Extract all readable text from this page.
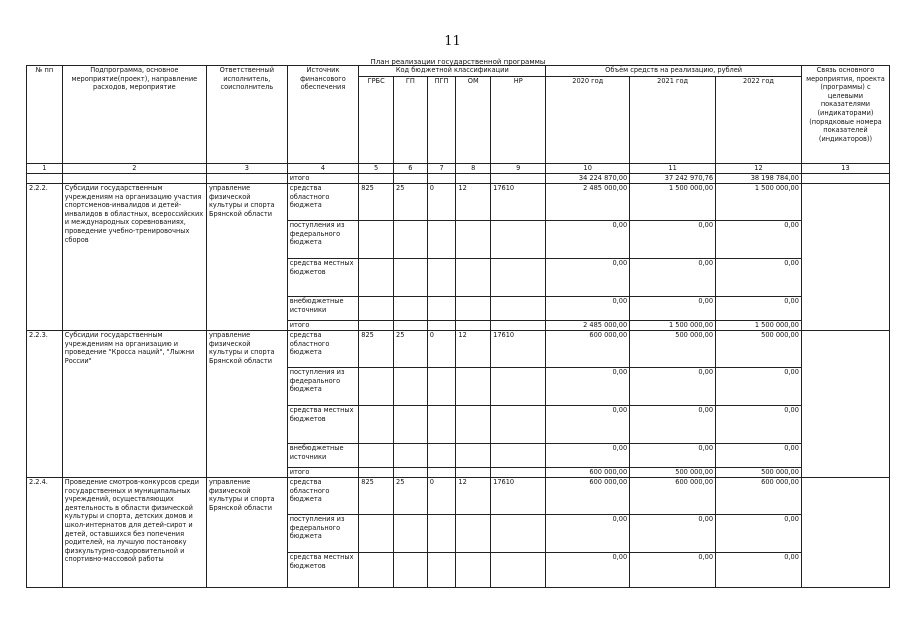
11
План реализации государственной программы
№ пп	Подпрограмма, основное мероприятие(проект), направление расходов, мероприятие	Ответственный исполнитель, соисполнитель	Источник финансового обеспечения	Код бюджетной классификации					Объём средств на реализацию, рублей			Связь основного мероприятия, проекта (программы) с целевыми показателями (индикаторами) (порядковые номера показателей (индикаторов))
				ГРБС	ГП	ПГП	ОМ	НР	2020 год	2021 год	2022 год	
1	2	3	4	5	6	7	8	9	10	11	12	13
			итого						34 224 870,00	37 242 970,76	38 198 784,00	
2.2.2.	Субсидии государственным учреждениям на организацию участия спортсменов-инвалидов и детей-инвалидов в областных, всероссийских и международных соревнованиях, проведение учебно-тренировочных сборов	управление физической культуры и спорта Брянской области	средства областного бюджета	825	25	0	12	17610	2 485 000,00	1 500 000,00	1 500 000,00	
			поступления из федерального бюджета						0,00	0,00	0,00	
			средства местных бюджетов						0,00	0,00	0,00	
			внебюджетные источники						0,00	0,00	0,00	
			итого						2 485 000,00	1 500 000,00	1 500 000,00	
2.2.3.	Субсидии государственным учреждениям на организацию и проведение "Кросса наций", "Лыжни России"	управление физической культуры и спорта Брянской области	средства областного бюджета	825	25	0	12	17610	600 000,00	500 000,00	500 000,00	
			поступления из федерального бюджета						0,00	0,00	0,00	
			средства местных бюджетов						0,00	0,00	0,00	
			внебюджетные источники						0,00	0,00	0,00	
			итого						600 000,00	500 000,00	500 000,00	
2.2.4.	Проведение смотров-конкурсов среди государственных и муниципальных учреждений, осуществляющих деятельность в области физической культуры и спорта, детских домов и школ-интернатов для детей-сирот и детей, оставшихся без попечения родителей, на лучшую постановку физкультурно-оздоровительной и спортивно-массовой работы	управление физической культуры и спорта Брянской области	средства областного бюджета	825	25	0	12	17610	600 000,00	600 000,00	600 000,00	
			поступления из федерального бюджета						0,00	0,00	0,00	
			средства местных бюджетов						0,00	0,00	0,00	
